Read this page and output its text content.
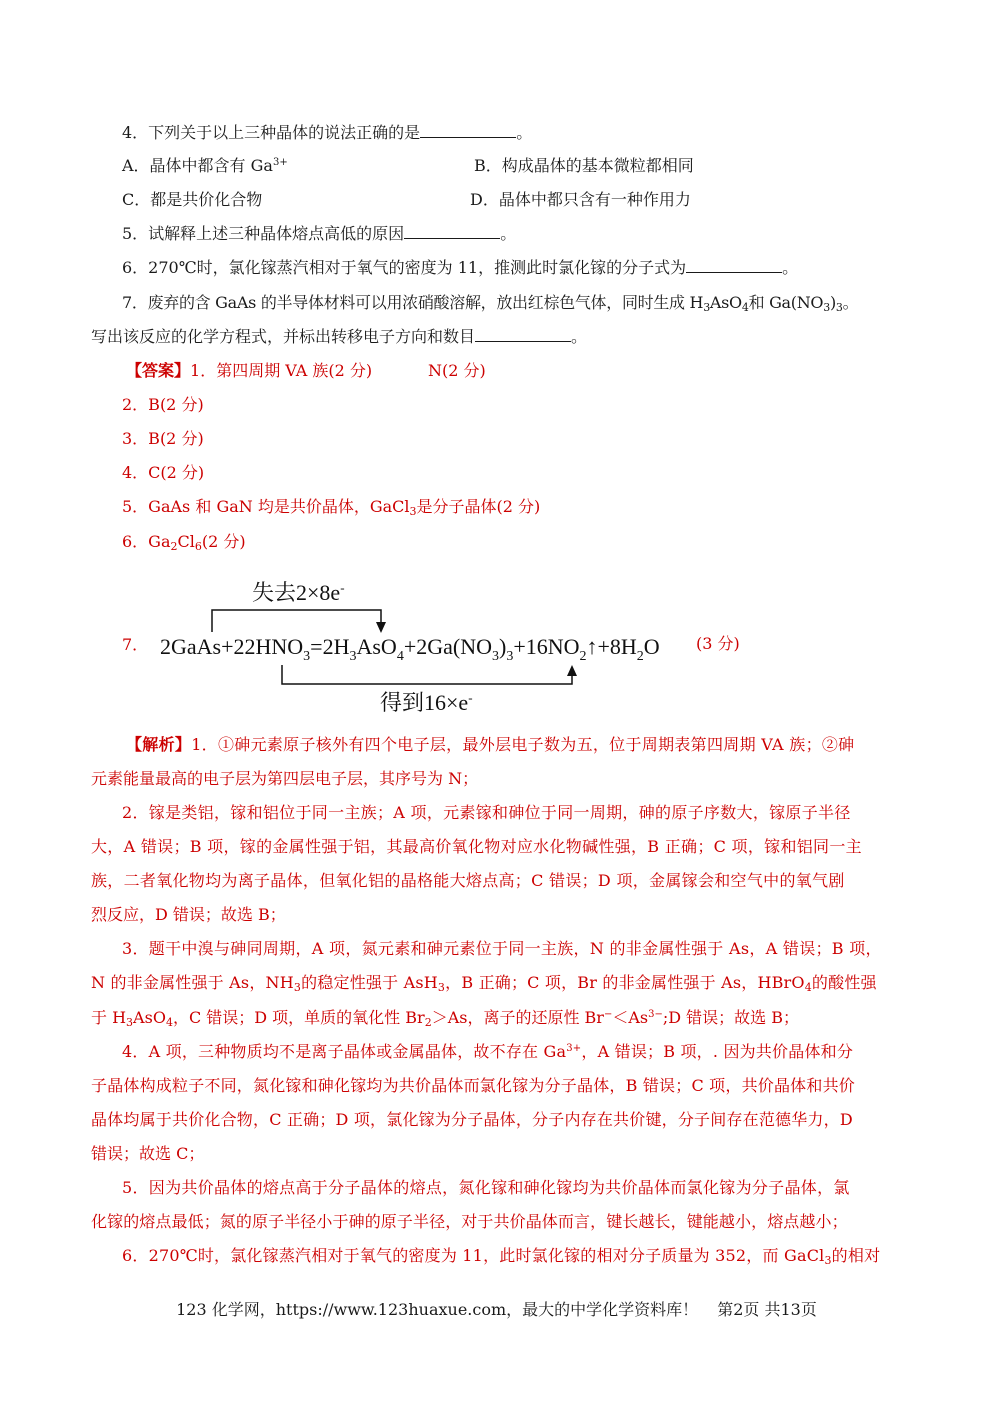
4．下列关于以上三种晶体的说法正确的是	。
A．晶体中都含有 $Ga^{3+}$	B．构成晶体的基本微粒都相同
C．都是共价化合物	D．晶体中都只含有一种作用力
5．试解释上述三种晶体熔点高低的原因	。
6．270℃时，氯化镓蒸汽相对于氧气的密度为 11，推测此时氯化镓的分子式为	。
7．废弃的含 GaAs 的半导体材料可以用浓硝酸溶解，放出红棕色气体，同时生成 $H_3AsO_4$和 $Ga(NO_3)_3$。
写出该反应的化学方程式，并标出转移电子方向和数目	。
【答案】1．第四周期 VA 族(2 分)	N(2 分)
2．B(2 分)
3．B(2 分)
4．C(2 分)
5．GaAs 和 GaN 均是共价晶体，GaCl$_3$是分子晶体(2 分)
6．$Ga_2Cl_6(2$ 分)
7．	(3 分)
失去2×8e-
$2GaAs+22HNO_3=2H_3AsO_4+2Ga(NO_3)_3+16NO_2↑+8H_2O$
得到16×e-
【解析】1．①砷元素原子核外有四个电子层，最外层电子数为五，位于周期表第四周期 VA 族；②砷
元素能量最高的电子层为第四层电子层，其序号为 N；
2．镓是类铝，镓和铝位于同一主族；A 项，元素镓和砷位于同一周期，砷的原子序数大，镓原子半径
大，A 错误；B 项，镓的金属性强于铝，其最高价氧化物对应水化物碱性强，B 正确；C 项，镓和铝同一主
族，二者氧化物均为离子晶体，但氧化铝的晶格能大熔点高；C 错误；D 项，金属镓会和空气中的氧气剧
烈反应，D 错误；故选 B；
3．题干中溴与砷同周期，A 项，氮元素和砷元素位于同一主族，N 的非金属性强于 As，A 错误；B 项，
N 的非金属性强于 As，$NH_3$的稳定性强于 AsH$_3$，B 正确；C 项，Br 的非金属性强于 As，HBrO$_4$的酸性强
于 $H_3AsO_4$，C 错误；D 项，单质的氧化性 $Br_2>As$，离子的还原性 $Br^-<As^{3-};D$ 错误；故选 B；
4．A 项，三种物质均不是离子晶体或金属晶体，故不存在 $Ga^{3+}$，A 错误；B 项，. 因为共价晶体和分
子晶体构成粒子不同，氮化镓和砷化镓均为共价晶体而氯化镓为分子晶体，B 错误；C 项，共价晶体和共价
晶体均属于共价化合物，C 正确；D 项，氯化镓为分子晶体，分子内存在共价键，分子间存在范德华力，D
错误；故选 C；
5．因为共价晶体的熔点高于分子晶体的熔点，氮化镓和砷化镓均为共价晶体而氯化镓为分子晶体，氯
化镓的熔点最低；氮的原子半径小于砷的原子半径，对于共价晶体而言，键长越长，键能越小，熔点越小；
6．270℃时，氯化镓蒸汽相对于氧气的密度为 11，此时氯化镓的相对分子质量为 352，而 GaCl$_3$的相对
123 化学网，https://www.123huaxue.com，最大的中学化学资料库！ 第2页 共13页
